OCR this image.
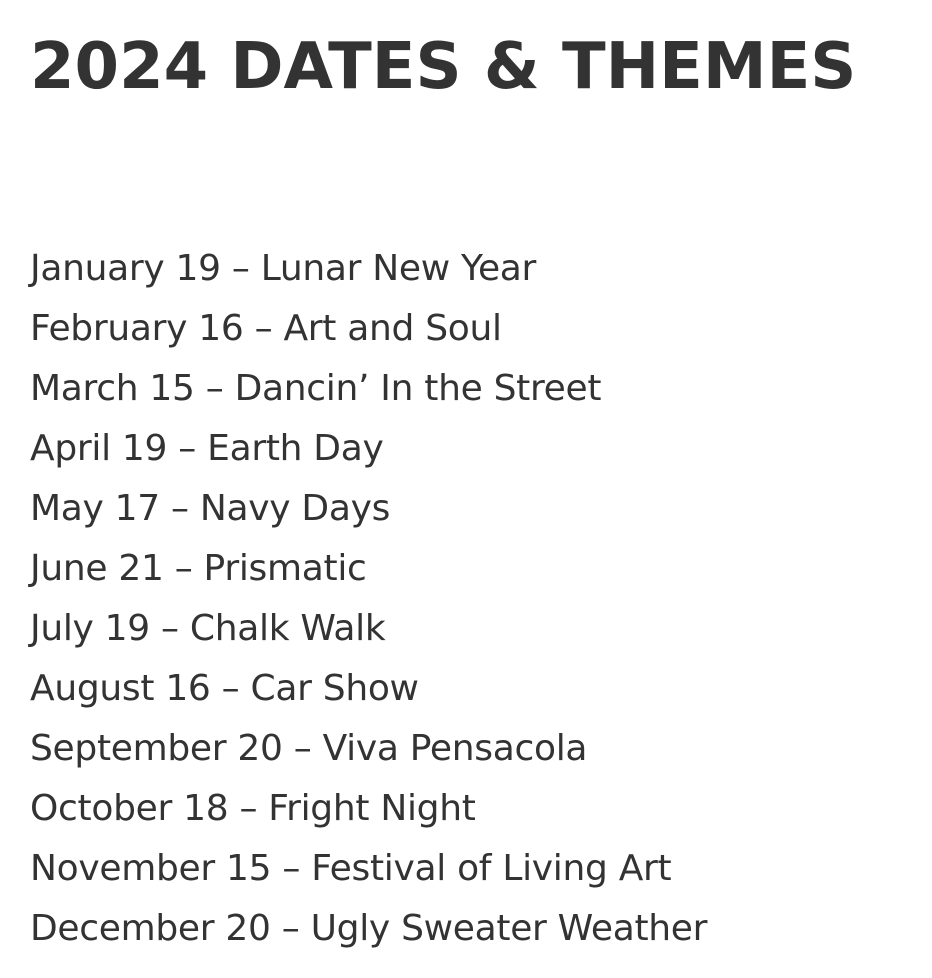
2024 DATES & THEMES
January 19 – Lunar New Year
February 16 – Art and Soul
March 15 – Dancin’ In the Street
April 19 – Earth Day
May 17 – Navy Days
June 21 – Prismatic
July 19 – Chalk Walk
August 16 – Car Show
September 20 – Viva Pensacola
October 18 – Fright Night
November 15 – Festival of Living Art
December 20 – Ugly Sweater Weather
